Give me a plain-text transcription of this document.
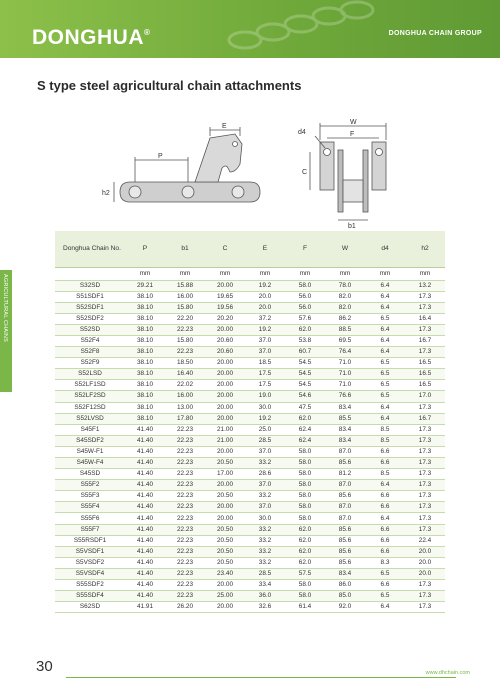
DONGHUA®	DONGHUA CHAIN GROUP
S type steel agricultural chain attachments
E
P
h2
d4
W
F
C
b1
AGRICULTURAL CHAINS
Donghua Chain No.	P	b1	C	E	F	W	d4	h2
	mm	mm	mm	mm	mm	mm	mm	mm
S32SD	29.21	15.88	20.00	19.2	58.0	78.0	6.4	13.2
S51SDF1	38.10	16.00	19.65	20.0	56.0	82.0	6.4	17.3
S52SDF1	38.10	15.80	19.56	20.0	56.0	82.0	6.4	17.3
S52SDF2	38.10	22.20	20.20	37.2	57.6	86.2	6.5	16.4
S52SD	38.10	22.23	20.00	19.2	62.0	88.5	6.4	17.3
S52F4	38.10	15.80	20.60	37.0	53.8	69.5	6.4	16.7
S52F8	38.10	22.23	20.60	37.0	60.7	76.4	6.4	17.3
S52F9	38.10	18.50	20.00	18.5	54.5	71.0	6.5	16.5
S52LSD	38.10	16.40	20.00	17.5	54.5	71.0	6.5	16.5
S52LF1SD	38.10	22.02	20.00	17.5	54.5	71.0	6.5	16.5
S52LF2SD	38.10	16.00	20.00	19.0	54.6	76.6	6.5	17.0
S52F12SD	38.10	13.00	20.00	30.0	47.5	83.4	6.4	17.3
S52LVSD	38.10	17.80	20.00	19.2	62.0	85.5	6.4	16.7
S45F1	41.40	22.23	21.00	25.0	62.4	83.4	8.5	17.3
S45SDF2	41.40	22.23	21.00	28.5	62.4	83.4	8.5	17.3
S45W-F1	41.40	22.23	20.00	37.0	58.0	87.0	6.6	17.3
S45W-F4	41.40	22.23	20.50	33.2	58.0	85.6	6.6	17.3
S45SD	41.40	22.23	17.00	28.6	58.0	81.2	8.5	17.3
S55F2	41.40	22.23	20.00	37.0	58.0	87.0	6.4	17.3
S55F3	41.40	22.23	20.50	33.2	58.0	85.6	6.6	17.3
S55F4	41.40	22.23	20.00	37.0	58.0	87.0	6.6	17.3
S55F6	41.40	22.23	20.00	30.0	58.0	87.0	6.4	17.3
S55F7	41.40	22.23	20.50	33.2	62.0	85.6	6.6	17.3
S55RSDF1	41.40	22.23	20.50	33.2	62.0	85.6	6.6	22.4
S5VSDF1	41.40	22.23	20.50	33.2	62.0	85.6	6.6	20.0
S5VSDF2	41.40	22.23	20.50	33.2	62.0	85.6	8.3	20.0
S5VSDF4	41.40	22.23	23.40	28.5	57.5	83.4	6.5	20.0
S55SDF2	41.40	22.23	20.00	33.4	58.0	86.0	6.6	17.3
S55SDF4	41.40	22.23	25.00	36.0	58.0	85.0	6.5	17.3
S62SD	41.91	26.20	20.00	32.6	61.4	92.0	6.4	17.3
30	www.dhchain.com
